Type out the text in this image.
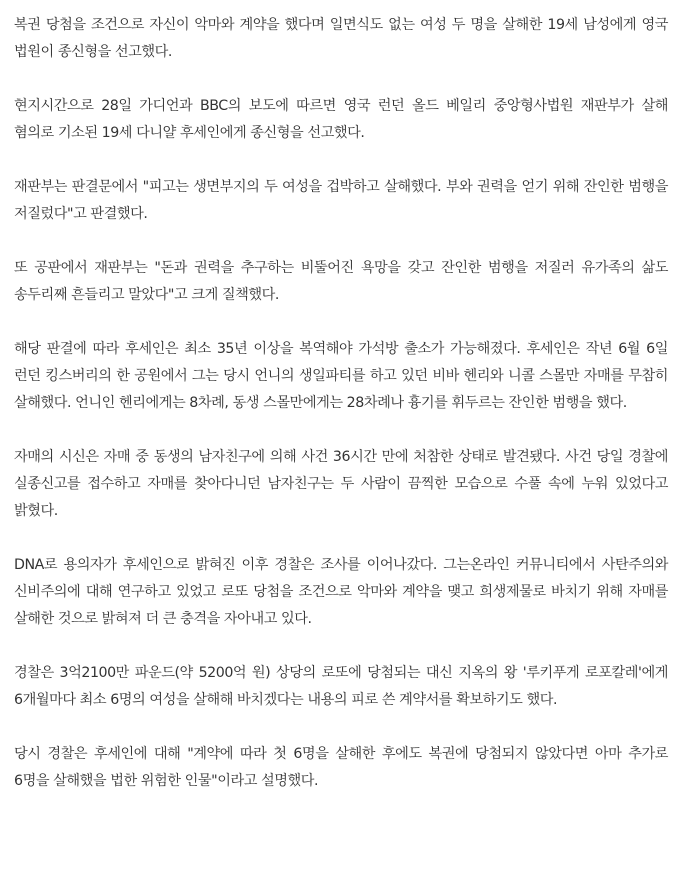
복권 당첨을 조건으로 자신이 악마와 계약을 했다며 일면식도 없는 여성 두 명을 살해한 19세 남성에게 영국 법원이 종신형을 선고했다.

현지시간으로 28일 가디언과 BBC의 보도에 따르면 영국 런던 올드 베일리 중앙형사법원 재판부가 살해 혐의로 기소된 19세 다니얄 후세인에게 종신형을 선고했다.

재판부는 판결문에서 "피고는 생면부지의 두 여성을 겁박하고 살해했다. 부와 권력을 얻기 위해 잔인한 범행을 저질렀다"고 판결했다.

또 공판에서 재판부는 "돈과 권력을 추구하는 비뚤어진 욕망을 갖고 잔인한 범행을 저질러 유가족의 삶도 송두리째 흔들리고 말았다"고 크게 질책했다.

해당 판결에 따라 후세인은 최소 35년 이상을 복역해야 가석방 출소가 가능해졌다. 후세인은 작년 6월 6일 런던 킹스버리의 한 공원에서 그는 당시 언니의 생일파티를 하고 있던 비바 헨리와 니콜 스몰만 자매를 무참히 살해했다. 언니인 헨리에게는 8차례, 동생 스몰만에게는 28차례나 흉기를 휘두르는 잔인한 범행을 했다.

자매의 시신은 자매 중 동생의 남자친구에 의해 사건 36시간 만에 처참한 상태로 발견됐다. 사건 당일 경찰에 실종신고를 접수하고 자매를 찾아다니던 남자친구는 두 사람이 끔찍한 모습으로 수풀 속에 누워 있었다고 밝혔다.

DNA로 용의자가 후세인으로 밝혀진 이후 경찰은 조사를 이어나갔다. 그는온라인 커뮤니티에서 사탄주의와 신비주의에 대해 연구하고 있었고 로또 당첨을 조건으로 악마와 계약을 맺고 희생제물로 바치기 위해 자매를 살해한 것으로 밝혀져 더 큰 충격을 자아내고 있다.

경찰은 3억2100만 파운드(약 5200억 원) 상당의 로또에 당첨되는 대신 지옥의 왕 '루키푸게 로포칼레'에게 6개월마다 최소 6명의 여성을 살해해 바치겠다는 내용의 피로 쓴 계약서를 확보하기도 했다.

당시 경찰은 후세인에 대해 "계약에 따라 첫 6명을 살해한 후에도 복권에 당첨되지 않았다면 아마 추가로 6명을 살해했을 법한 위험한 인물"이라고 설명했다.
